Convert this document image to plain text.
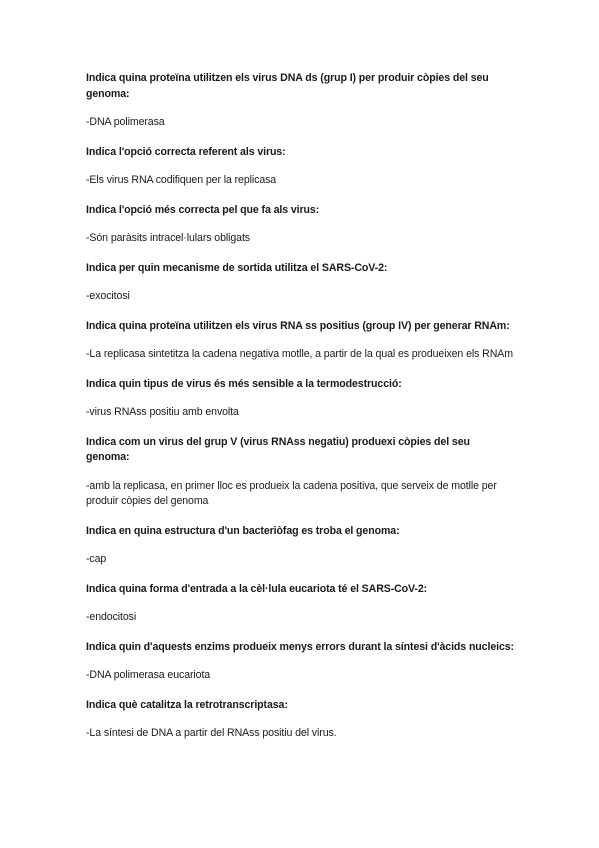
Indica quina proteïna utilitzen els virus DNA ds (grup I) per produir còpies del seu genoma:

-DNA polimerasa

Indica l'opció correcta referent als virus:

-Els virus RNA codifiquen per la replicasa

Indica l'opció més correcta pel que fa als virus:

-Són paràsits intracel·lulars obligats

Indica per quin mecanisme de sortida utilitza el SARS-CoV-2:

-exocitosi

Indica quina proteïna utilitzen els virus RNA ss positius (group IV) per generar RNAm:

-La replicasa sintetitza la cadena negativa motlle, a partir de la qual es produeixen els RNAm

Indica quin tipus de virus és més sensible a la termodestrucció:

-virus RNAss positiu amb envolta

Indica com un virus del grup V (virus RNAss negatiu) produexi còpies del seu genoma:

-amb la replicasa, en primer lloc es produeix la cadena positiva, que serveix de motlle per produir còpies del genoma

Indica en quina estructura d'un bacteriòfag es troba el genoma:

-cap

Indica quina forma d'entrada a la cèl·lula eucariota té el SARS-CoV-2:

-endocitosi

Indica quin d'aquests enzims produeix menys errors durant la síntesi d'àcids nucleics:

-DNA polimerasa eucariota

Indica què catalitza la retrotranscriptasa:

-La síntesi de DNA a partir del RNAss positiu del virus.
